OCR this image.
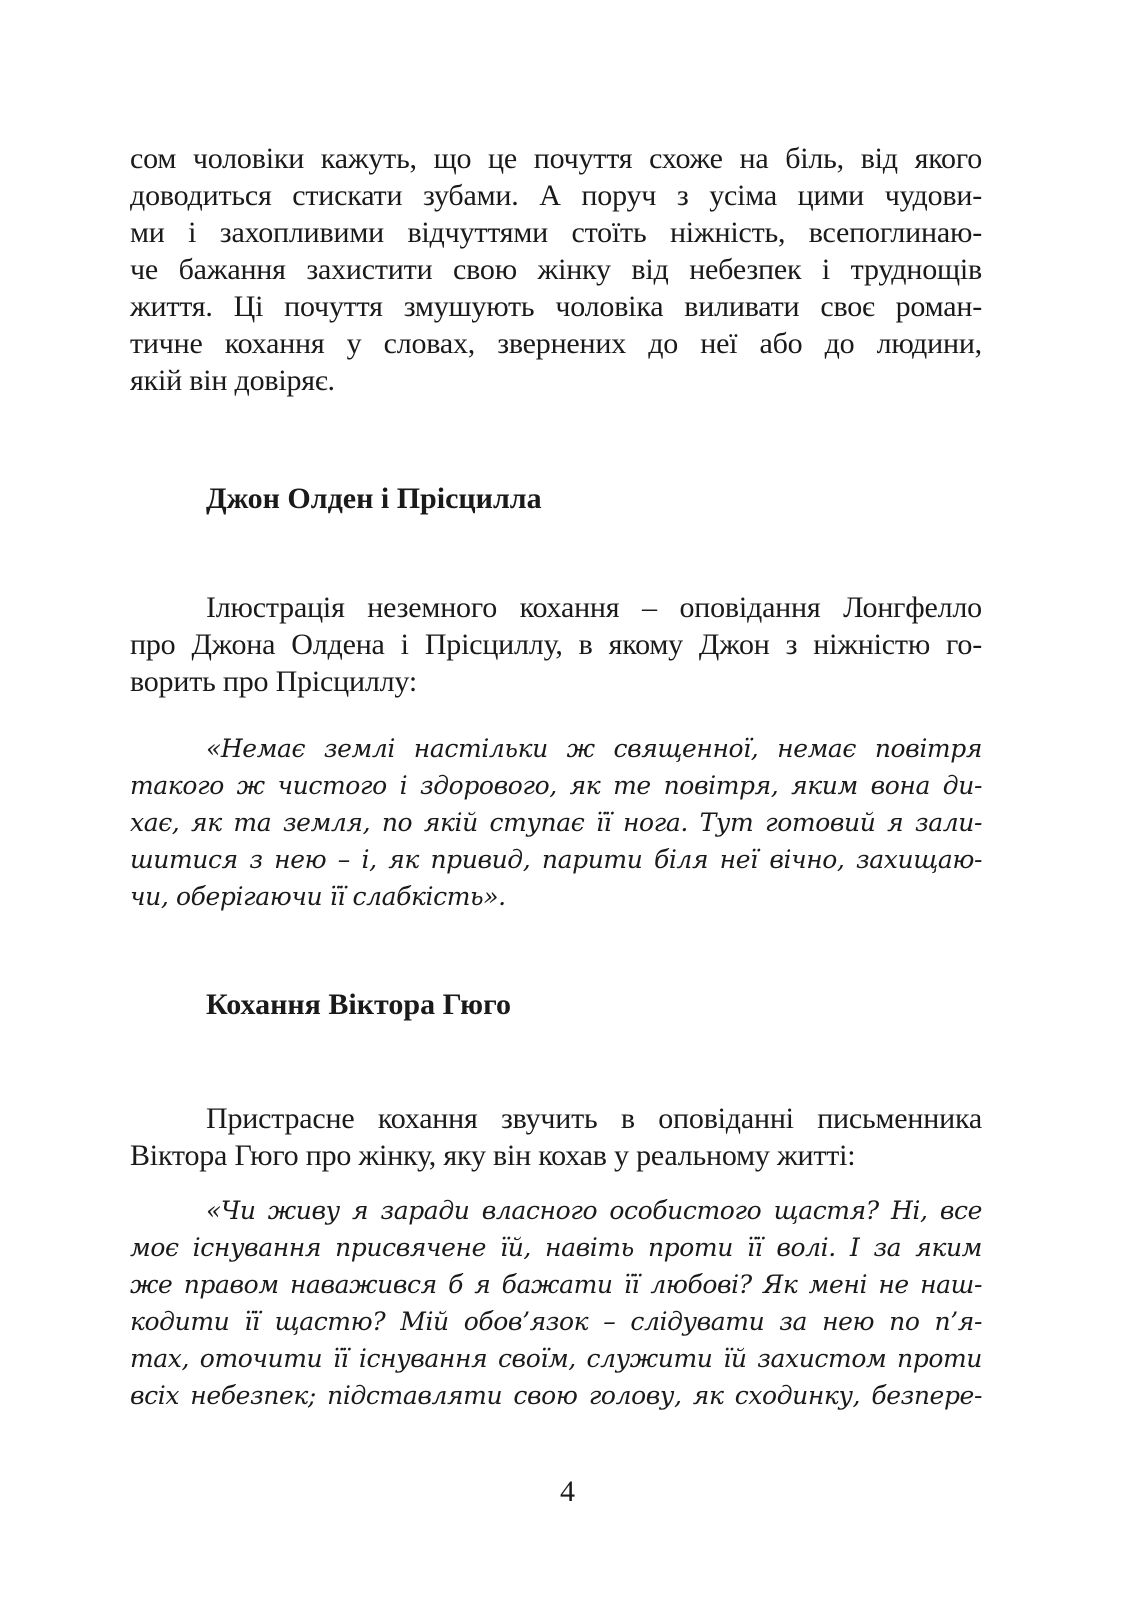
сом чоловіки кажуть, що це почуття схоже на біль, від якого
доводиться стискати зубами. А поруч з усіма цими чудови-
ми і захопливими відчуттями стоїть ніжність, всепоглинаю-
че бажання захистити свою жінку від небезпек і труднощів
життя. Ці почуття змушують чоловіка виливати своє роман-
тичне кохання у словах, звернених до неї або до людини,
якій він довіряє.
Джон Олден і Прісцилла
Ілюстрація неземного кохання – оповідання Лонгфелло
про Джона Олдена і Прісциллу, в якому Джон з ніжністю го-
ворить про Прісциллу:
«Немає землі настільки ж священної, немає повітря
такого ж чистого і здорового, як те повітря, яким вона ди-
хає, як та земля, по якій ступає її нога. Тут готовий я зали-
шитися з нею – і, як привид, парити біля неї вічно, захищаю-
чи, оберігаючи її слабкість».
Кохання Віктора Гюго
Пристрасне кохання звучить в оповіданні письменника
Віктора Гюго про жінку, яку він кохав у реальному житті:
«Чи живу я заради власного особистого щастя? Ні, все
моє існування присвячене їй, навіть проти її волі. І за яким
же правом наважився б я бажати її любові? Як мені не наш-
кодити її щастю? Мій обов’язок – слідувати за нею по п’я-
тах, оточити її існування своїм, служити їй захистом проти
всіх небезпек; підставляти свою голову, як сходинку, безпере-
4
